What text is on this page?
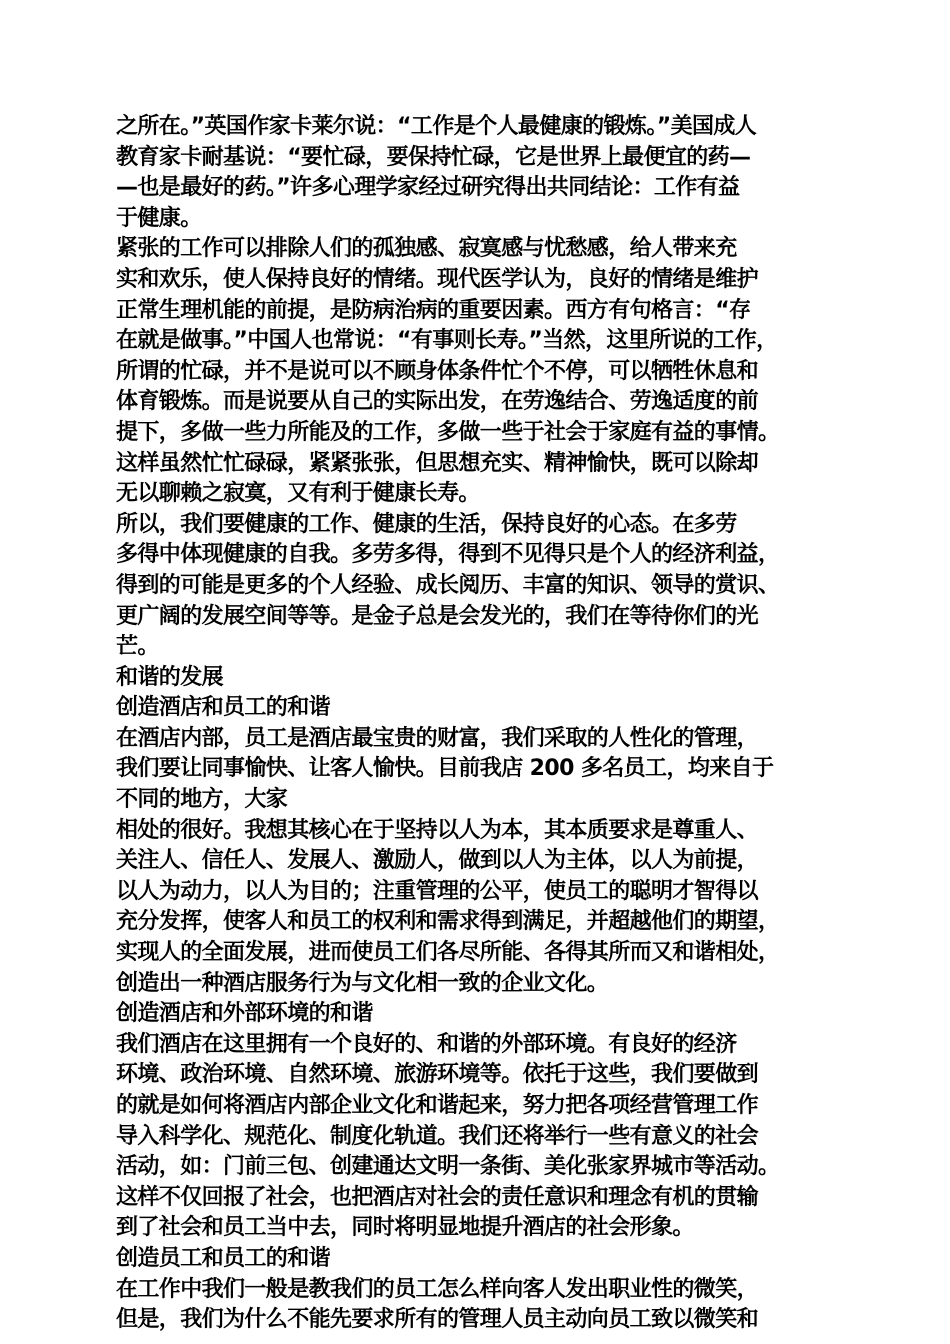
之所在。”英国作家卡莱尔说：“工作是个人最健康的锻炼。”美国成人
教育家卡耐基说：“要忙碌，要保持忙碌，它是世界上最便宜的药—
—也是最好的药。”许多心理学家经过研究得出共同结论：工作有益
于健康。
紧张的工作可以排除人们的孤独感、寂寞感与忧愁感，给人带来充
实和欢乐，使人保持良好的情绪。现代医学认为，良好的情绪是维护
正常生理机能的前提，是防病治病的重要因素。西方有句格言：“存
在就是做事。”中国人也常说：“有事则长寿。”当然，这里所说的工作，
所谓的忙碌，并不是说可以不顾身体条件忙个不停，可以牺牲休息和
体育锻炼。而是说要从自己的实际出发，在劳逸结合、劳逸适度的前
提下，多做一些力所能及的工作，多做一些于社会于家庭有益的事情。
这样虽然忙忙碌碌，紧紧张张，但思想充实、精神愉快，既可以除却
无以聊赖之寂寞，又有利于健康长寿。
所以，我们要健康的工作、健康的生活，保持良好的心态。在多劳
多得中体现健康的自我。多劳多得，得到不见得只是个人的经济利益，
得到的可能是更多的个人经验、成长阅历、丰富的知识、领导的赏识、
更广阔的发展空间等等。是金子总是会发光的，我们在等待你们的光
芒。
和谐的发展
创造酒店和员工的和谐
在酒店内部，员工是酒店最宝贵的财富，我们采取的人性化的管理，
我们要让同事愉快、让客人愉快。目前我店 200 多名员工，均来自于
不同的地方，大家
相处的很好。我想其核心在于坚持以人为本，其本质要求是尊重人、
关注人、信任人、发展人、激励人，做到以人为主体，以人为前提，
以人为动力，以人为目的；注重管理的公平，使员工的聪明才智得以
充分发挥，使客人和员工的权利和需求得到满足，并超越他们的期望，
实现人的全面发展，进而使员工们各尽所能、各得其所而又和谐相处，
创造出一种酒店服务行为与文化相一致的企业文化。
创造酒店和外部环境的和谐
我们酒店在这里拥有一个良好的、和谐的外部环境。有良好的经济
环境、政治环境、自然环境、旅游环境等。依托于这些，我们要做到
的就是如何将酒店内部企业文化和谐起来，努力把各项经营管理工作
导入科学化、规范化、制度化轨道。我们还将举行一些有意义的社会
活动，如：门前三包、创建通达文明一条街、美化张家界城市等活动。
这样不仅回报了社会，也把酒店对社会的责任意识和理念有机的贯输
到了社会和员工当中去，同时将明显地提升酒店的社会形象。
创造员工和员工的和谐
在工作中我们一般是教我们的员工怎么样向客人发出职业性的微笑，
但是，我们为什么不能先要求所有的管理人员主动向员工致以微笑和
